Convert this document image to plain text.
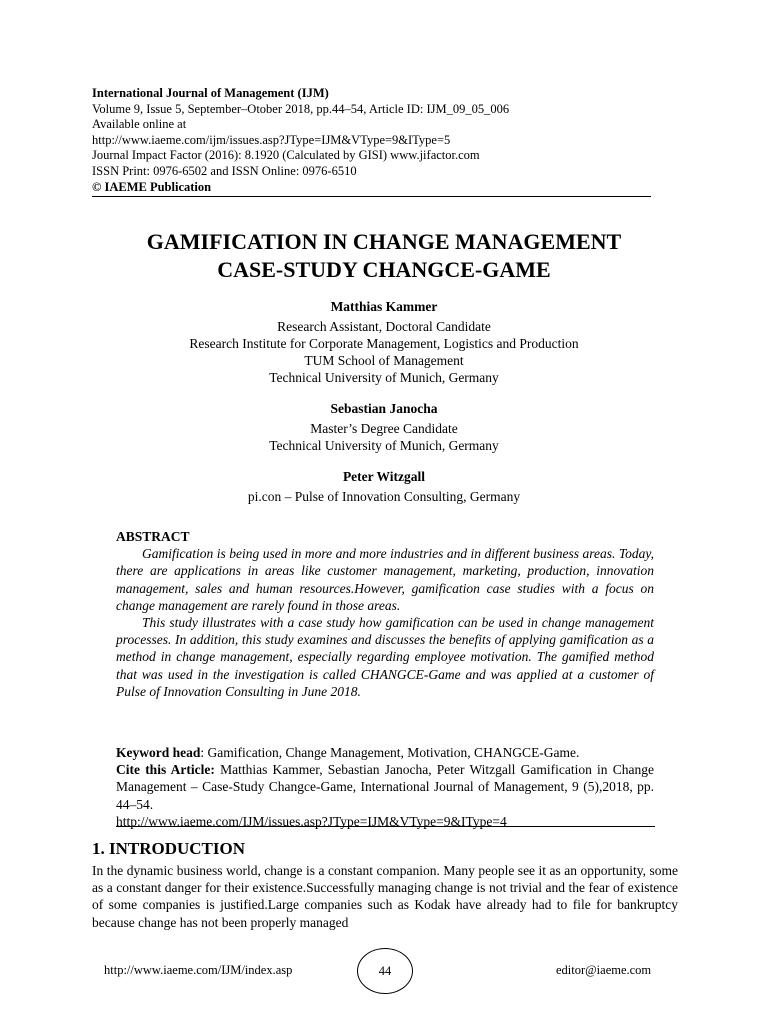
International Journal of Management (IJM)
Volume 9, Issue 5, September–Otober 2018, pp.44–54, Article ID: IJM_09_05_006
Available online at
http://www.iaeme.com/ijm/issues.asp?JType=IJM&VType=9&IType=5
Journal Impact Factor (2016): 8.1920 (Calculated by GISI) www.jifactor.com
ISSN Print: 0976-6502 and ISSN Online: 0976-6510
© IAEME Publication
GAMIFICATION IN CHANGE MANAGEMENT
CASE-STUDY CHANGCE-GAME
Matthias Kammer
Research Assistant, Doctoral Candidate
Research Institute for Corporate Management, Logistics and Production
TUM School of Management
Technical University of Munich, Germany
Sebastian Janocha
Master’s Degree Candidate
Technical University of Munich, Germany
Peter Witzgall
pi.con – Pulse of Innovation Consulting, Germany
ABSTRACT

Gamification is being used in more and more industries and in different business areas. Today, there are applications in areas like customer management, marketing, production, innovation management, sales and human resources.However, gamification case studies with a focus on change management are rarely found in those areas.

This study illustrates with a case study how gamification can be used in change management processes. In addition, this study examines and discusses the benefits of applying gamification as a method in change management, especially regarding employee motivation. The gamified method that was used in the investigation is called CHANGCE-Game and was applied at a customer of Pulse of Innovation Consulting in June 2018.

Keyword head: Gamification, Change Management, Motivation, CHANGCE-Game.

Cite this Article: Matthias Kammer, Sebastian Janocha, Peter Witzgall Gamification in Change Management – Case-Study Changce-Game, International Journal of Management, 9 (5),2018, pp. 44–54.

http://www.iaeme.com/IJM/issues.asp?JType=IJM&VType=9&IType=4

1. INTRODUCTION

In the dynamic business world, change is a constant companion. Many people see it as an opportunity, some as a constant danger for their existence.Successfully managing change is not trivial and the fear of existence of some companies is justified.Large companies such as Kodak have already had to file for bankruptcy because change has not been properly managed

http://www.iaeme.com/IJM/index.asp	44	editor@iaeme.com
